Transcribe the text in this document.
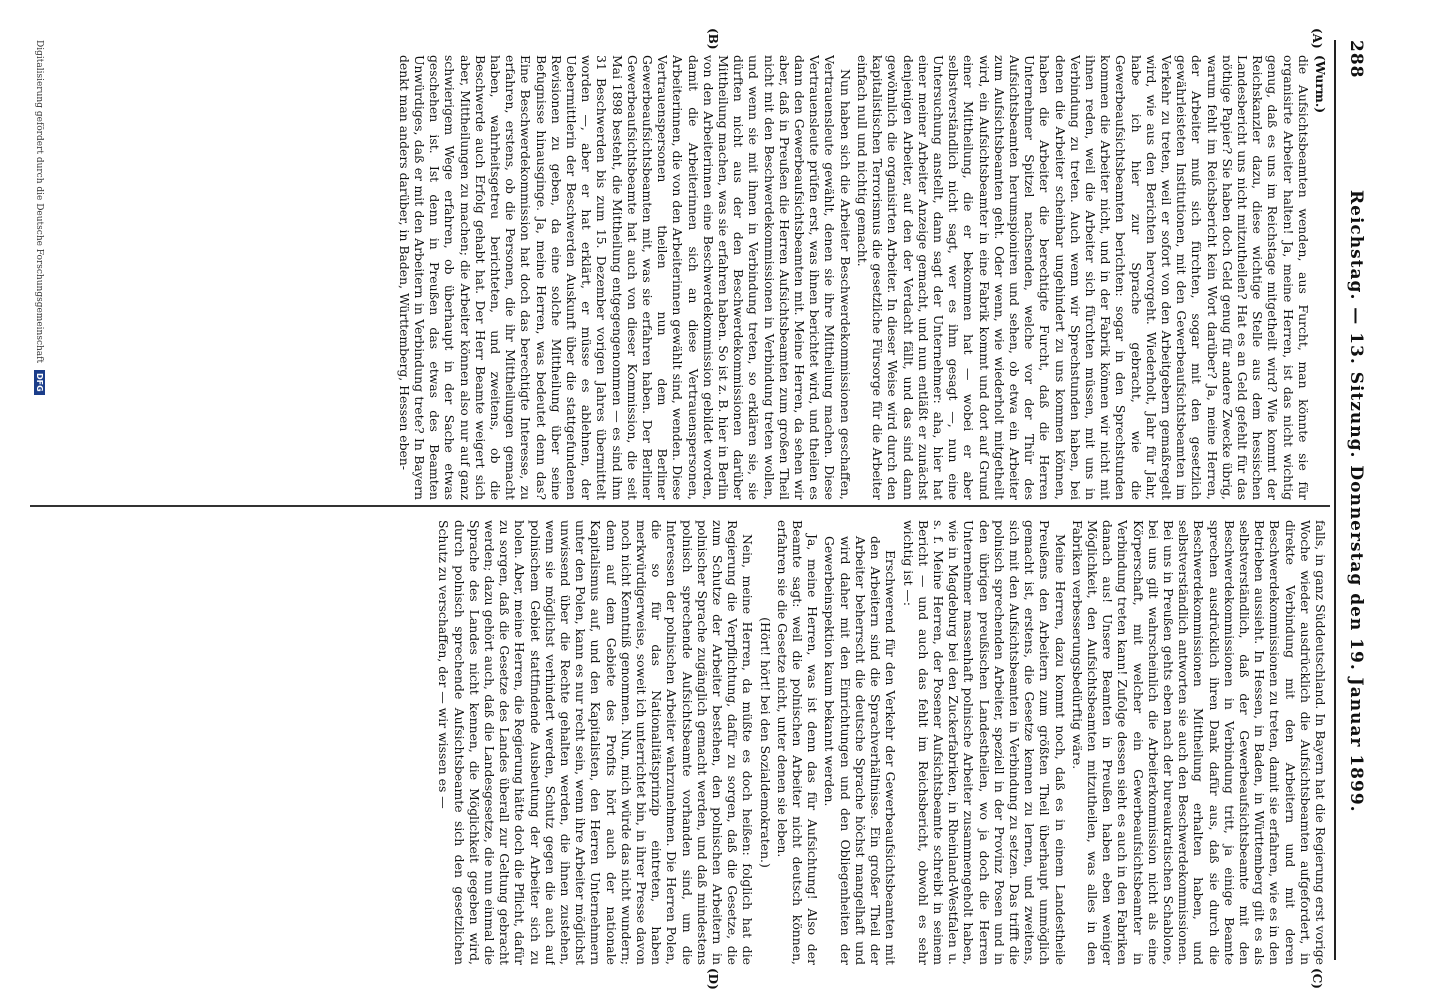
288
Reichstag. — 13. Sitzung. Donnerstag den 19. Januar 1899.
(A)
(B)
(C)
(D)

(Wurm.)

die Aufsichtsbeamten wenden, aus Furcht, man könnte sie für organisirte Arbeiter halten! Ja, meine Herren, ist das nicht wichtig genug, daß es uns im Reichstage mitgetheilt wird? Wie kommt der Reichskanzler dazu, diese wichtige Stelle aus dem hessischen Landesbericht uns nicht mitzutheilen? Hat es an Geld gefehlt für das nöthige Papier? Sie haben doch Geld genug für andere Zwecke übrig, warum fehlt im Reichsbericht kein Wort darüber? Ja, meine Herren, der Arbeiter muß sich fürchten, sogar mit den gesetzlich gewährleisteten Institutionen, mit den Gewerbeaufsichtsbeamten im Verkehr zu treten, weil er sofort von den Arbeitgebern gemaßregelt wird, wie aus den Berichten hervorgeht. Wiederholt, Jahr für Jahr, habe ich hier zur Sprache gebracht, wie die Gewerbeaufsichtsbeamten berichten: sogar in den Sprechstunden kommen die Arbeiter nicht, und in der Fabrik können wir nicht mit ihnen reden, weil die Arbeiter sich fürchten müssen, mit uns in Verbindung zu treten. Auch wenn wir Sprechstunden haben, bei denen die Arbeiter scheinbar ungehindert zu uns kommen können, haben die Arbeiter die berechtigte Furcht, daß die Herren Unternehmer Spitzel nachsenden, welche vor der Thür des Aufsichtsbeamten herumspioniren und sehen, ob etwa ein Arbeiter zum Aufsichtsbeamten geht. Oder wenn, wie wiederholt mitgetheilt wird, ein Aufsichtsbeamter in eine Fabrik kommt und dort auf Grund einer Mittheilung, die er bekommen hat — wobei er aber selbstverständlich nicht sagt, wer es ihm gesagt —, nun eine Untersuchung anstellt, dann sagt der Unternehmer: aha, hier hat einer meiner Arbeiter Anzeige gemacht, und nun entläßt er zunächst denjenigen Arbeiter, auf den der Verdacht fällt, und das sind dann gewöhnlich die organisirten Arbeiter. In dieser Weise wird durch den kapitalistischen Terrorismus die gesetzliche Fürsorge für die Arbeiter einfach null und nichtig gemacht.

Nun haben sich die Arbeiter Beschwerdekommissionen geschaffen, Vertrauensleute gewählt, denen sie ihre Mittheilung machen. Diese Vertrauensleute prüfen erst, was ihnen berichtet wird, und theilen es dann den Gewerbeaufsichtsbeamten mit. Meine Herren, da sehen wir aber, daß in Preußen die Herren Aufsichtsbeamten zum großen Theil nicht mit den Beschwerdekommissionen in Verbindung treten wollen, und wenn sie mit ihnen in Verbindung treten, so erklären sie, sie dürften nicht aus der den Beschwerdekommissionen darüber Mittheilung machen, was sie erfahren haben. So ist z. B. hier in Berlin von den Arbeiterinnen eine Beschwerdekommission gebildet worden, damit die Arbeiterinnen sich an diese Vertrauenspersonen, Arbeiterinnen, die von den Arbeiterinnen gewählt sind, wenden. Diese Vertrauenspersonen theilen nun dem Berliner Gewerbeaufsichtsbeamten mit, was sie erfahren haben. Der Berliner Gewerbeaufsichtsbeamte hat auch von dieser Kommission, die seit Mai 1898 besteht, die Mittheilung entgegengenommen — es sind ihm 31 Beschwerden bis zum 15. Dezember vorigen Jahres übermittelt worden —, aber er hat erklärt, er müsse es ablehnen, der Uebermittlerin der Beschwerden Auskunft über die stattgefundenen Revisionen zu geben, da eine solche Mittheilung über seine Befugnisse hinausginge. Ja, meine Herren, was bedeutet denn das? Eine Beschwerdekommission hat doch das berechtigte Interesse, zu erfahren, erstens, ob die Personen, die ihr Mittheilungen gemacht haben, wahrheitsgetreu berichteten, und zweitens, ob die Beschwerde auch Erfolg gehabt hat. Der Herr Beamte weigert sich aber, Mittheilungen zu machen; die Arbeiter können also nur auf ganz schwierigem Wege erfahren, ob überhaupt in der Sache etwas geschehen ist. Ist denn in Preußen das etwas des Beamten Unwürdiges, daß er mit den Arbeitern in Verbindung trete? In Bayern denkt man anders darüber, in Baden, Württemberg, Hessen eben-

falls, in ganz Süddeutschland. In Bayern hat die Regierung erst vorige Woche wieder ausdrücklich die Aufsichtsbeamten aufgefordert, in direkte Verbindung mit den Arbeitern und mit deren Beschwerdekommissionen zu treten, damit sie erfahren, wie es in den Betrieben aussieht. In Hessen, in Baden, in Württemberg gilt es als selbstverständlich, daß der Gewerbeaufsichtsbeamte mit den Beschwerdekommissionen in Verbindung tritt, ja einige Beamte sprechen ausdrücklich ihren Dank dafür aus, daß sie durch die Beschwerdekommissionen Mittheilung erhalten haben, und selbstverständlich antworten sie auch den Beschwerdekommissionen. Bei uns in Preußen gehts eben nach der bureaukratischen Schablone, bei uns gilt wahrscheinlich die Arbeiterkommission nicht als eine Körperschaft, mit welcher ein Gewerbeaufsichtsbeamter in Verbindung treten kann! Zufolge dessen sieht es auch in den Fabriken danach aus! Unsere Beamten in Preußen haben eben weniger Möglichkeit, den Aufsichtsbeamten mitzutheilen, was alles in den Fabriken verbesserungsbedürftig wäre.

Meine Herren, dazu kommt noch, daß es in einem Landestheile Preußens den Arbeitern zum größten Theil überhaupt unmöglich gemacht ist, erstens, die Gesetze kennen zu lernen, und zweitens, sich mit den Aufsichtsbeamten in Verbindung zu setzen. Das trifft die polnisch sprechenden Arbeiter, speziell in der Provinz Posen und in den übrigen preußischen Landestheilen, wo ja doch die Herren Unternehmer massenhaft polnische Arbeiter zusammengeholt haben, wie in Magdeburg bei den Zuckerfabriken, in Rheinland-Westfalen u. s. f. Meine Herren, der Posener Aufsichtsbeamte schreibt in seinem Bericht — und auch das fehlt im Reichsbericht, obwohl es sehr wichtig ist —:

Erschwerend für den Verkehr der Gewerbeaufsichtsbeamten mit den Arbeitern sind die Sprachverhältnisse. Ein großer Theil der Arbeiter beherrscht die deutsche Sprache höchst mangelhaft und wird daher mit den Einrichtungen und den Obliegenheiten der Gewerbeinspektion kaum bekannt werden.

Ja, meine Herren, was ist denn das für Aufsichtung! Also der Beamte sagt: weil die polnischen Arbeiter nicht deutsch können, erfahren sie die Gesetze nicht, unter denen sie leben.

(Hört! hört! bei den Sozialdemokraten.)

Nein, meine Herren, da müßte es doch heißen: folglich hat die Regierung die Verpflichtung, dafür zu sorgen, daß die Gesetze, die zum Schutze der Arbeiter bestehen, den polnischen Arbeitern in polnischer Sprache zugänglich gemacht werden, und daß mindestens polnisch sprechende Aufsichtsbeamte vorhanden sind, um die Interessen der polnischen Arbeiter wahrzunehmen. Die Herren Polen, die so für das Nationalitätsprinzip eintreten, haben merkwürdigerweise, soweit ich unterrichtet bin, in ihrer Presse davon noch nicht Kenntniß genommen. Nun, mich würde das nicht wundern; denn auf dem Gebiete des Profits hört auch der nationale Kapitalismus auf, und den Kapitalisten, den Herren Unternehmern unter den Polen, kann es nur recht sein, wenn ihre Arbeiter möglichst unwissend über die Rechte gehalten werden, die ihnen zustehen, wenn sie möglichst verhindert werden, Schutz gegen die auch auf polnischem Gebiet stattfindende Ausbeutung der Arbeiter sich zu holen. Aber, meine Herren, die Regierung hätte doch die Pflicht, dafür zu sorgen, daß die Gesetze des Landes überall zur Geltung gebracht werden; dazu gehört auch, daß die Landesgesetze, die nun einmal die Sprache des Landes nicht kennen, die Möglichkeit gegeben wird, durch polnisch sprechende Aufsichtsbeamte sich den gesetzlichen Schutz zu verschaffen, der — wir wissen es —

Digitalisierung gefördert durch die Deutsche Forschungsgemeinschaft DFG
